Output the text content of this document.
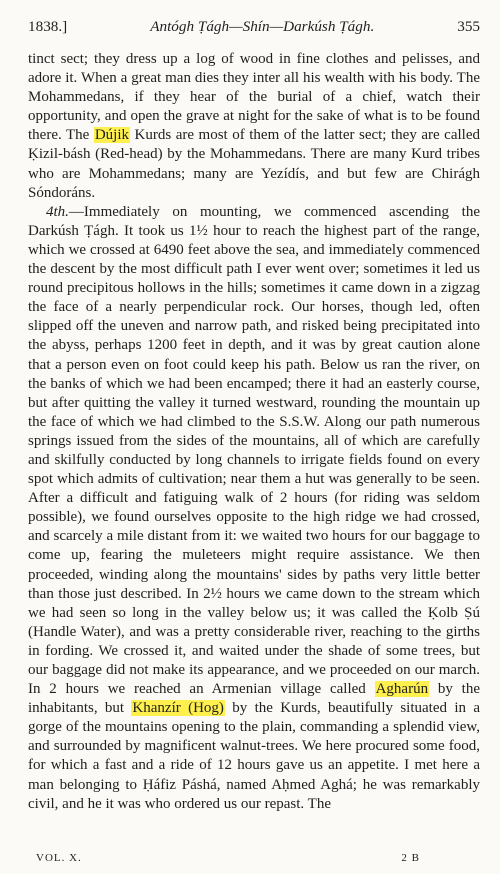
1838.]	Antógh Ṭágh—Shín—Darkúsh Ṭágh.	355

tinct sect; they dress up a log of wood in fine clothes and pelisses, and adore it. When a great man dies they inter all his wealth with his body. The Mohammedans, if they hear of the burial of a chief, watch their opportunity, and open the grave at night for the sake of what is to be found there. The Dújik Kurds are most of them of the latter sect; they are called Ḳizil-básh (Red-head) by the Mohammedans. There are many Kurd tribes who are Mohammedans; many are Yezídís, and but few are Chirágh Sóndoráns.

4th.—Immediately on mounting, we commenced ascending the Darkúsh Ṭágh. It took us 1½ hour to reach the highest part of the range, which we crossed at 6490 feet above the sea, and immediately commenced the descent by the most difficult path I ever went over; sometimes it led us round precipitous hollows in the hills; sometimes it came down in a zigzag the face of a nearly perpendicular rock. Our horses, though led, often slipped off the uneven and narrow path, and risked being precipitated into the abyss, perhaps 1200 feet in depth, and it was by great caution alone that a person even on foot could keep his path. Below us ran the river, on the banks of which we had been encamped; there it had an easterly course, but after quitting the valley it turned westward, rounding the mountain up the face of which we had climbed to the S.S.W. Along our path numerous springs issued from the sides of the mountains, all of which are carefully and skilfully conducted by long channels to irrigate fields found on every spot which admits of cultivation; near them a hut was generally to be seen. After a difficult and fatiguing walk of 2 hours (for riding was seldom possible), we found ourselves opposite to the high ridge we had crossed, and scarcely a mile distant from it: we waited two hours for our baggage to come up, fearing the muleteers might require assistance. We then proceeded, winding along the mountains' sides by paths very little better than those just described. In 2½ hours we came down to the stream which we had seen so long in the valley below us; it was called the Ḳolb Ṣú (Handle Water), and was a pretty considerable river, reaching to the girths in fording. We crossed it, and waited under the shade of some trees, but our baggage did not make its appearance, and we proceeded on our march. In 2 hours we reached an Armenian village called Agharún by the inhabitants, but Khanzír (Hog) by the Kurds, beautifully situated in a gorge of the mountains opening to the plain, commanding a splendid view, and surrounded by magnificent walnut-trees. We here procured some food, for which a fast and a ride of 12 hours gave us an appetite. I met here a man belonging to Ḥáfiz Páshá, named Aḥmed Aghá; he was remarkably civil, and he it was who ordered us our repast. The

VOL. X.	2 B
